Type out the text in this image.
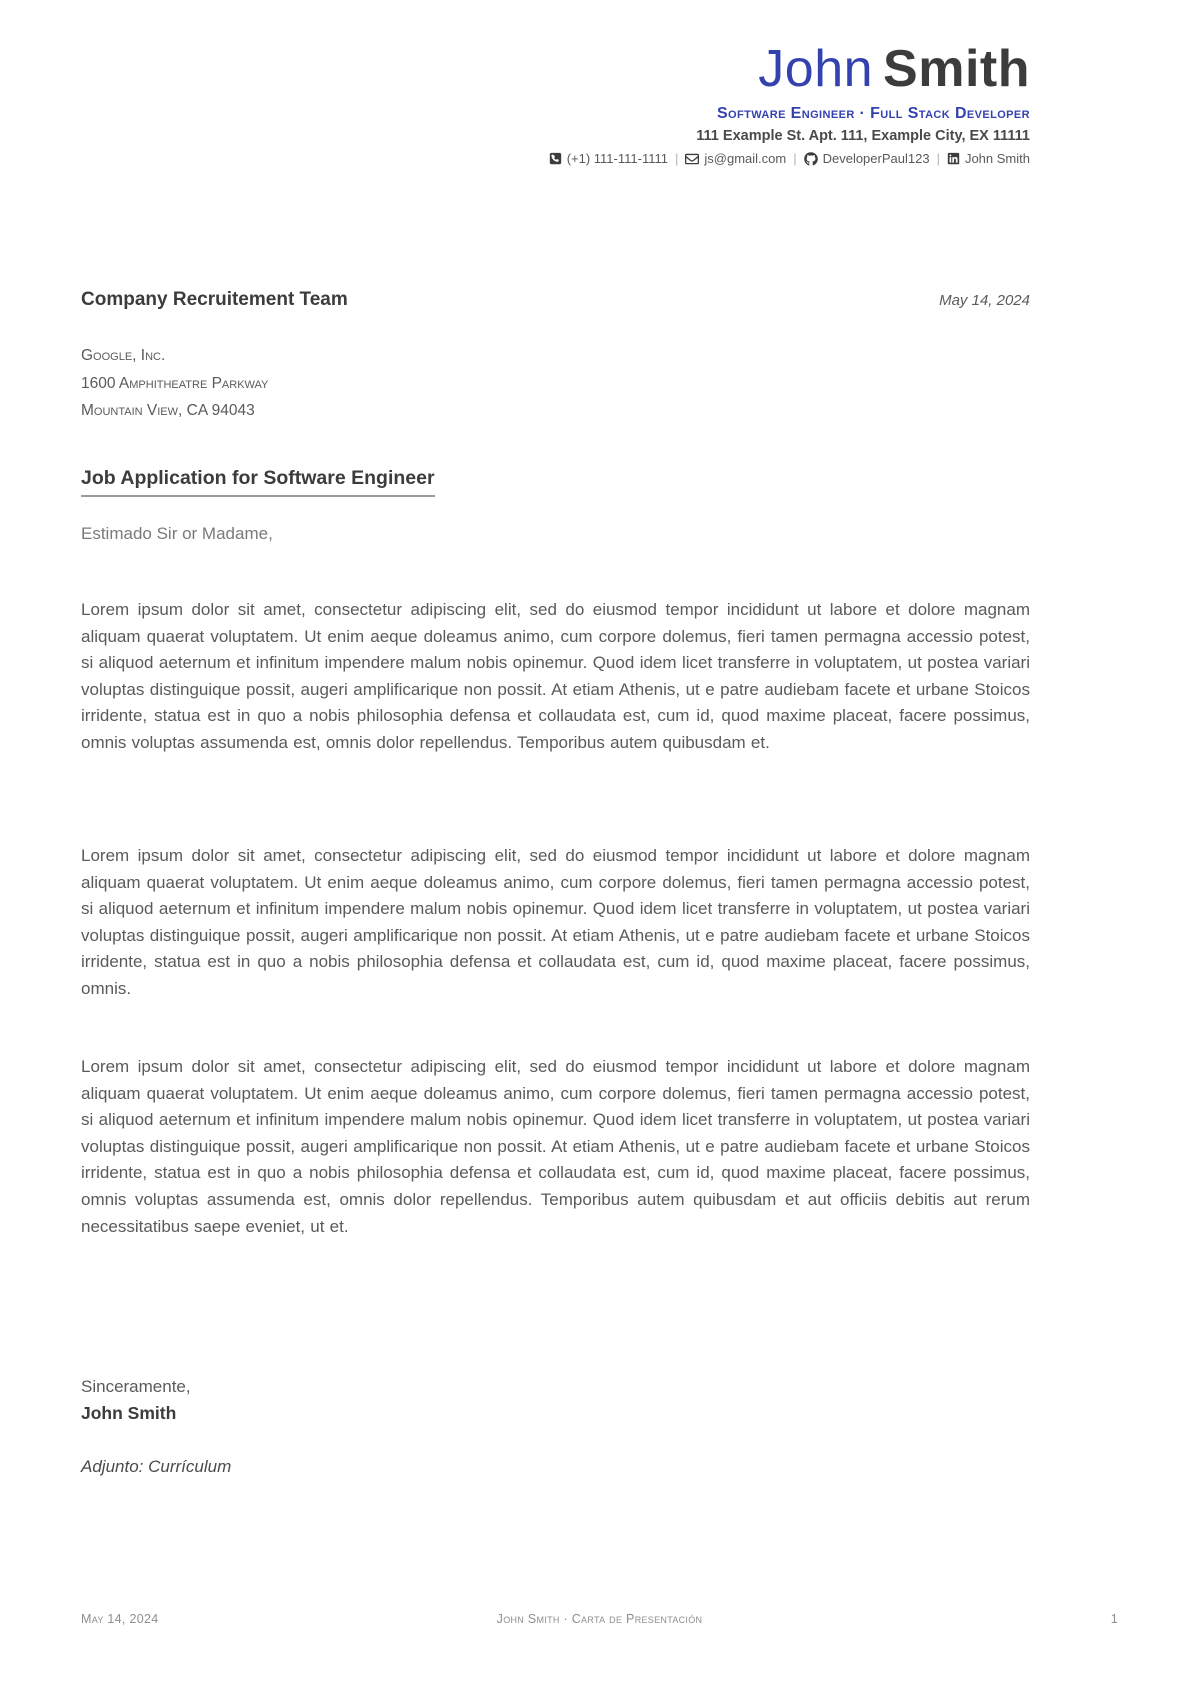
John Smith
Software Engineer · Full Stack Developer
111 Example St. Apt. 111, Example City, EX 11111
(+1) 111-111-1111 | js@gmail.com | DeveloperPaul123 | John Smith
Company Recruitement Team	May 14, 2024
Google, Inc.
1600 Amphitheatre Parkway
Mountain View, CA 94043
Job Application for Software Engineer
Estimado Sir or Madame,

Lorem ipsum dolor sit amet, consectetur adipiscing elit, sed do eiusmod tempor incididunt ut labore et dolore magnam aliquam quaerat voluptatem. Ut enim aeque doleamus animo, cum corpore dolemus, fieri tamen permagna accessio potest, si aliquod aeternum et infinitum impendere malum nobis opinemur. Quod idem licet transferre in voluptatem, ut postea variari voluptas distinguique possit, augeri amplificarique non possit. At etiam Athenis, ut e patre audiebam facete et urbane Stoicos irridente, statua est in quo a nobis philosophia defensa et collaudata est, cum id, quod maxime placeat, facere possimus, omnis voluptas assumenda est, omnis dolor repellendus. Temporibus autem quibusdam et.

Lorem ipsum dolor sit amet, consectetur adipiscing elit, sed do eiusmod tempor incididunt ut labore et dolore magnam aliquam quaerat voluptatem. Ut enim aeque doleamus animo, cum corpore dolemus, fieri tamen permagna accessio potest, si aliquod aeternum et infinitum impendere malum nobis opinemur. Quod idem licet transferre in voluptatem, ut postea variari voluptas distinguique possit, augeri amplificarique non possit. At etiam Athenis, ut e patre audiebam facete et urbane Stoicos irridente, statua est in quo a nobis philosophia defensa et collaudata est, cum id, quod maxime placeat, facere possimus, omnis.

Lorem ipsum dolor sit amet, consectetur adipiscing elit, sed do eiusmod tempor incididunt ut labore et dolore magnam aliquam quaerat voluptatem. Ut enim aeque doleamus animo, cum corpore dolemus, fieri tamen permagna accessio potest, si aliquod aeternum et infinitum impendere malum nobis opinemur. Quod idem licet transferre in voluptatem, ut postea variari voluptas distinguique possit, augeri amplificarique non possit. At etiam Athenis, ut e patre audiebam facete et urbane Stoicos irridente, statua est in quo a nobis philosophia defensa et collaudata est, cum id, quod maxime placeat, facere possimus, omnis voluptas assumenda est, omnis dolor repellendus. Temporibus autem quibusdam et aut officiis debitis aut rerum necessitatibus saepe eveniet, ut et.

Sinceramente,
John Smith
Adjunto: Currículum
May 14, 2024	John Smith · Carta de Presentación	1
